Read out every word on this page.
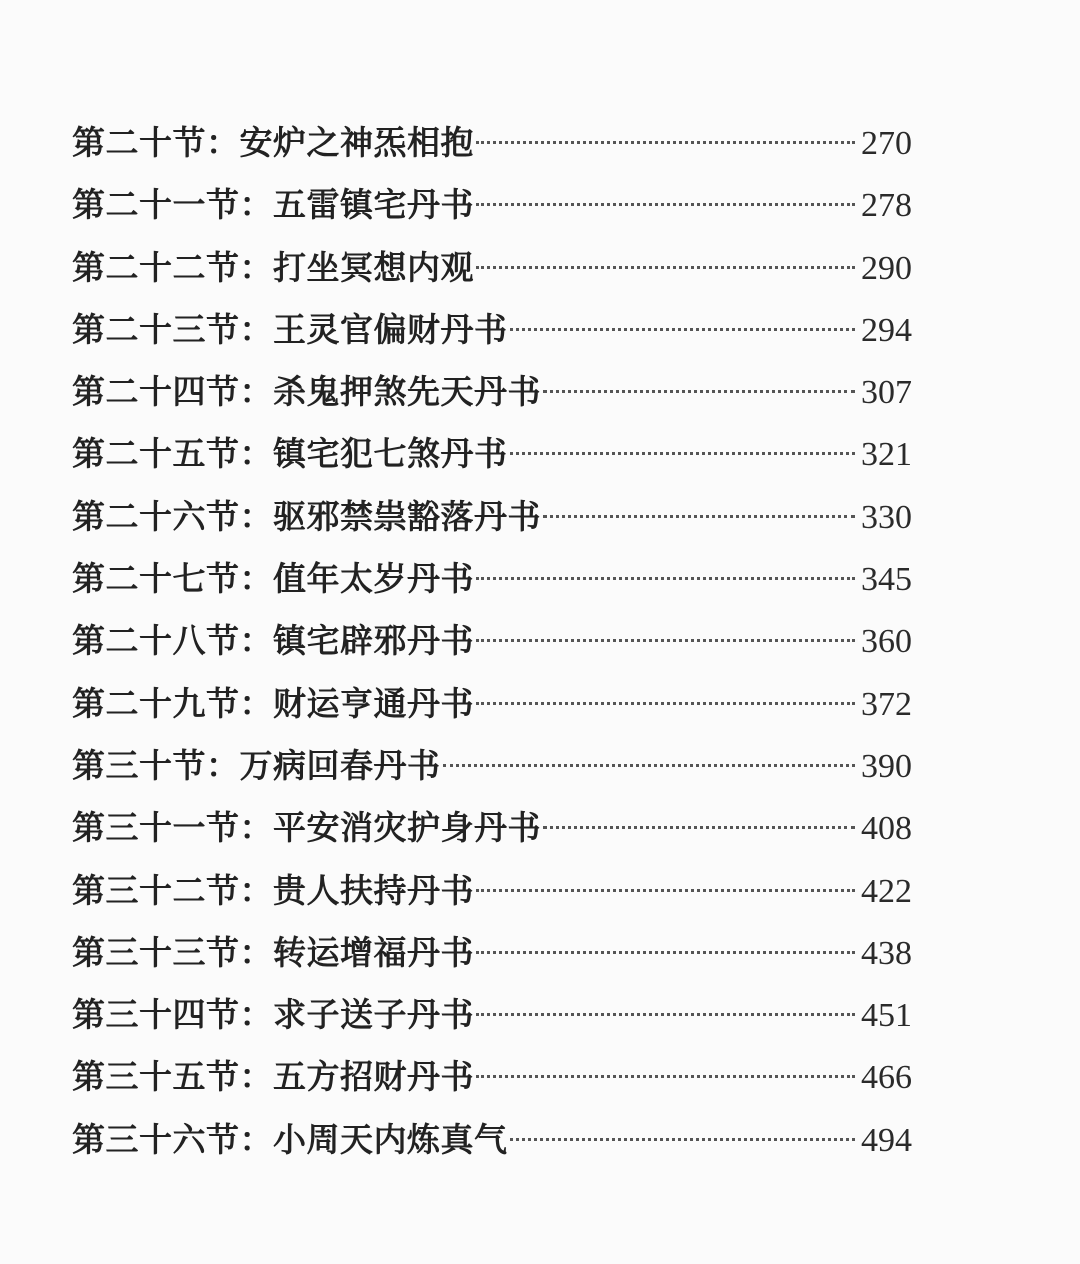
第二十节：安炉之神炁相抱	270
第二十一节：五雷镇宅丹书	278
第二十二节：打坐冥想内观	290
第二十三节：王灵官偏财丹书	294
第二十四节：杀鬼押煞先天丹书	307
第二十五节：镇宅犯七煞丹书	321
第二十六节：驱邪禁祟豁落丹书	330
第二十七节：值年太岁丹书	345
第二十八节：镇宅辟邪丹书	360
第二十九节：财运亨通丹书	372
第三十节：万病回春丹书	390
第三十一节：平安消灾护身丹书	408
第三十二节：贵人扶持丹书	422
第三十三节：转运增福丹书	438
第三十四节：求子送子丹书	451
第三十五节：五方招财丹书	466
第三十六节：小周天内炼真气	494
